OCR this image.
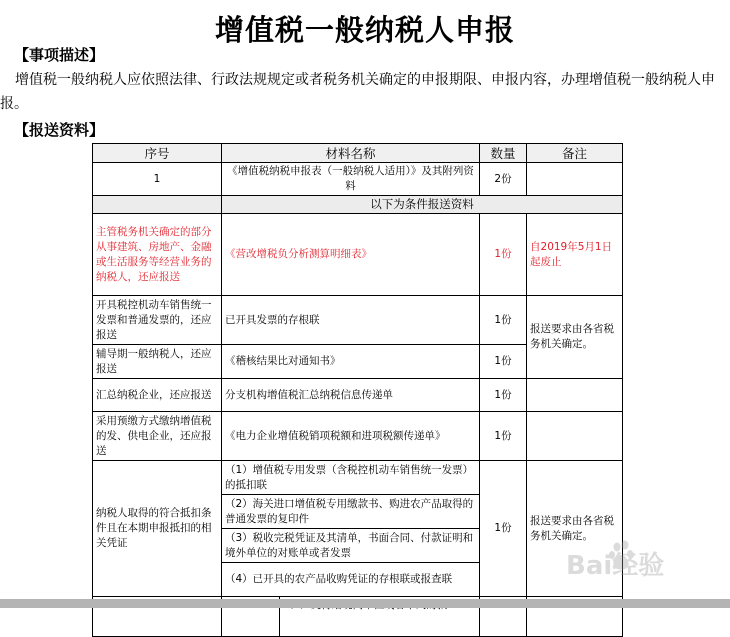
增值税一般纳税人申报
【事项描述】
增值税一般纳税人应依照法律、行政法规规定或者税务机关确定的申报期限、申报内容，办理增值税一般纳税人申报。
【报送资料】
序号	材料名称		数量	备注
1	《增值税纳税申报表（一般纳税人适用）》及其附列资料		2份	
	以下为条件报送资料			
主管税务机关确定的部分从事建筑、房地产、金融或生活服务等经营业务的纳税人，还应报送	《营改增税负分析测算明细表》		1份	自2019年5月1日起废止
开具税控机动车销售统一发票和普通发票的，还应报送	已开具发票的存根联		1份	报送要求由各省税务机关确定。
辅导期一般纳税人，还应报送	《稽核结果比对通知书》		1份	
汇总纳税企业，还应报送	分支机构增值税汇总纳税信息传递单		1份	
采用预缴方式缴纳增值税的发、供电企业，还应报送	《电力企业增值税销项税额和进项税额传递单》		1份	
纳税人取得的符合抵扣条件且在本期申报抵扣的相关凭证	（1）增值税专用发票（含税控机动车销售统一发票）的抵扣联		1份	报送要求由各省税务机关确定。
	（2）海关进口增值税专用缴款书、购进农产品取得的普通发票的复印件			
	（3）税收完税凭证及其清单，书面合同、付款证明和境外单位的对账单或者发票			
	（4）已开具的农产品收购凭证的存根联或报查联			
					Bai经验
